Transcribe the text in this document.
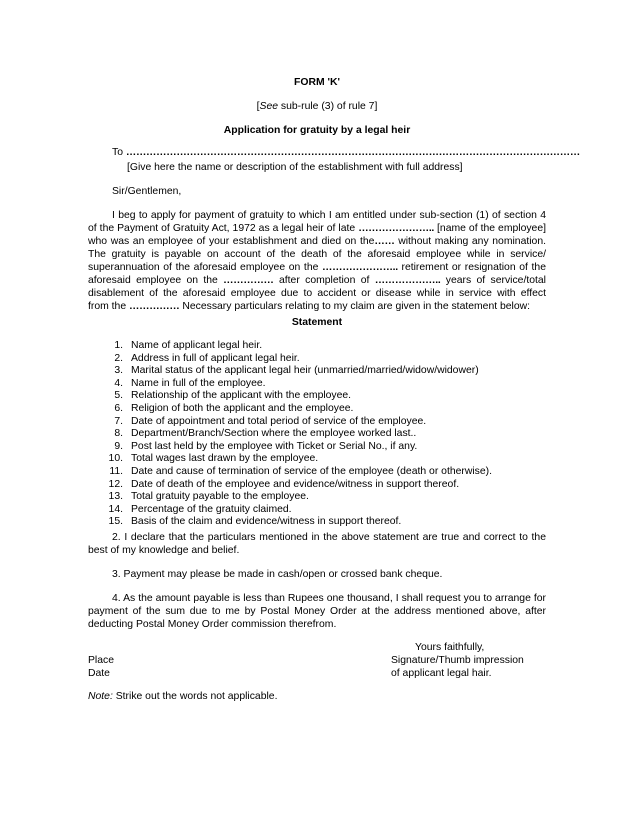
FORM 'K'
[See sub-rule (3) of rule 7]
Application for gratuity by a legal heir
To ………………………………………………………………………………………………………………………
[Give here the name or description of the establishment with full address]
Sir/Gentlemen,
I beg to apply for payment of gratuity to which I am entitled under sub-section (1) of section 4
of the Payment of Gratuity Act, 1972 as a legal heir of late ………………….. [name of the employee]
who was an employee of your establishment and died on the…… without making any nomination.
The gratuity is payable on account of the death of the aforesaid employee while in service/
superannuation of the aforesaid employee on the ………………….. retirement or resignation of the
aforesaid employee on the …………… after completion of ……………….. years of service/total
disablement of the aforesaid employee due to accident or disease while in service with effect
from the …………… Necessary particulars relating to my claim are given in the statement below:
Statement
1. Name of applicant legal heir.
2. Address in full of applicant legal heir.
3. Marital status of the applicant legal heir (unmarried/married/widow/widower)
4. Name in full of the employee.
5. Relationship of the applicant with the employee.
6. Religion of both the applicant and the employee.
7. Date of appointment and total period of service of the employee.
8. Department/Branch/Section where the employee worked last..
9. Post last held by the employee with Ticket or Serial No., if any.
10. Total wages last drawn by the employee.
11. Date and cause of termination of service of the employee (death or otherwise).
12. Date of death of the employee and evidence/witness in support thereof.
13. Total gratuity payable to the employee.
14. Percentage of the gratuity claimed.
15. Basis of the claim and evidence/witness in support thereof.
2. I declare that the particulars mentioned in the above statement are true and correct to the
best of my knowledge and belief.
3. Payment may please be made in cash/open or crossed bank cheque.
4. As the amount payable is less than Rupees one thousand, I shall request you to arrange for
payment of the sum due to me by Postal Money Order at the address mentioned above, after
deducting Postal Money Order commission therefrom.
Yours faithfully,
Place	Signature/Thumb impression
Date	of applicant legal hair.
Note: Strike out the words not applicable.
